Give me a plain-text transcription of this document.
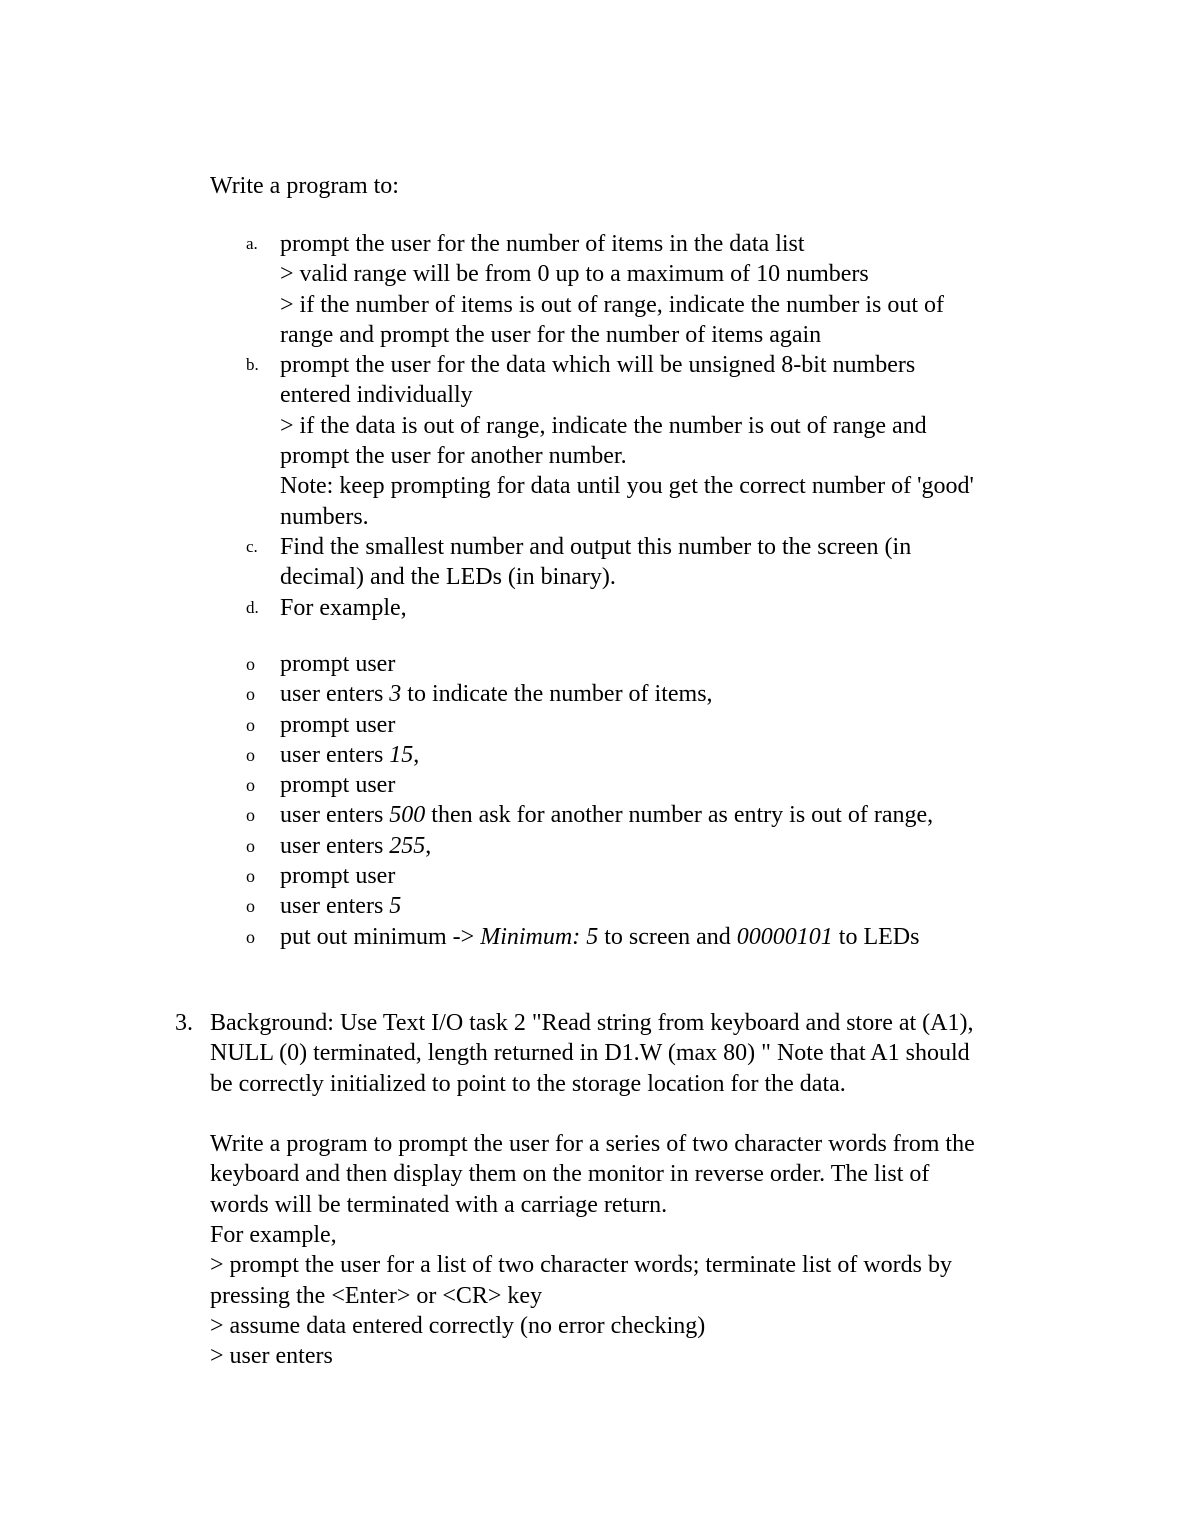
Write a program to:

a. prompt the user for the number of items in the data list
> valid range will be from 0 up to a maximum of 10 numbers
> if the number of items is out of range, indicate the number is out of
range and prompt the user for the number of items again
b. prompt the user for the data which will be unsigned 8-bit numbers
entered individually
> if the data is out of range, indicate the number is out of range and
prompt the user for another number.
Note: keep prompting for data until you get the correct number of 'good'
numbers.
c. Find the smallest number and output this number to the screen (in
decimal) and the LEDs (in binary).
d. For example,
o prompt user
o user enters 3 to indicate the number of items,
o prompt user
o user enters 15,
o prompt user
o user enters 500 then ask for another number as entry is out of range,
o user enters 255,
o prompt user
o user enters 5
o put out minimum -> Minimum: 5 to screen and 00000101 to LEDs
3. Background: Use Text I/O task 2 "Read string from keyboard and store at (A1),
NULL (0) terminated, length returned in D1.W (max 80) " Note that A1 should
be correctly initialized to point to the storage location for the data.
Write a program to prompt the user for a series of two character words from the
keyboard and then display them on the monitor in reverse order. The list of
words will be terminated with a carriage return.
For example,
> prompt the user for a list of two character words; terminate list of words by
pressing the <Enter> or <CR> key
> assume data entered correctly (no error checking)
> user enters
